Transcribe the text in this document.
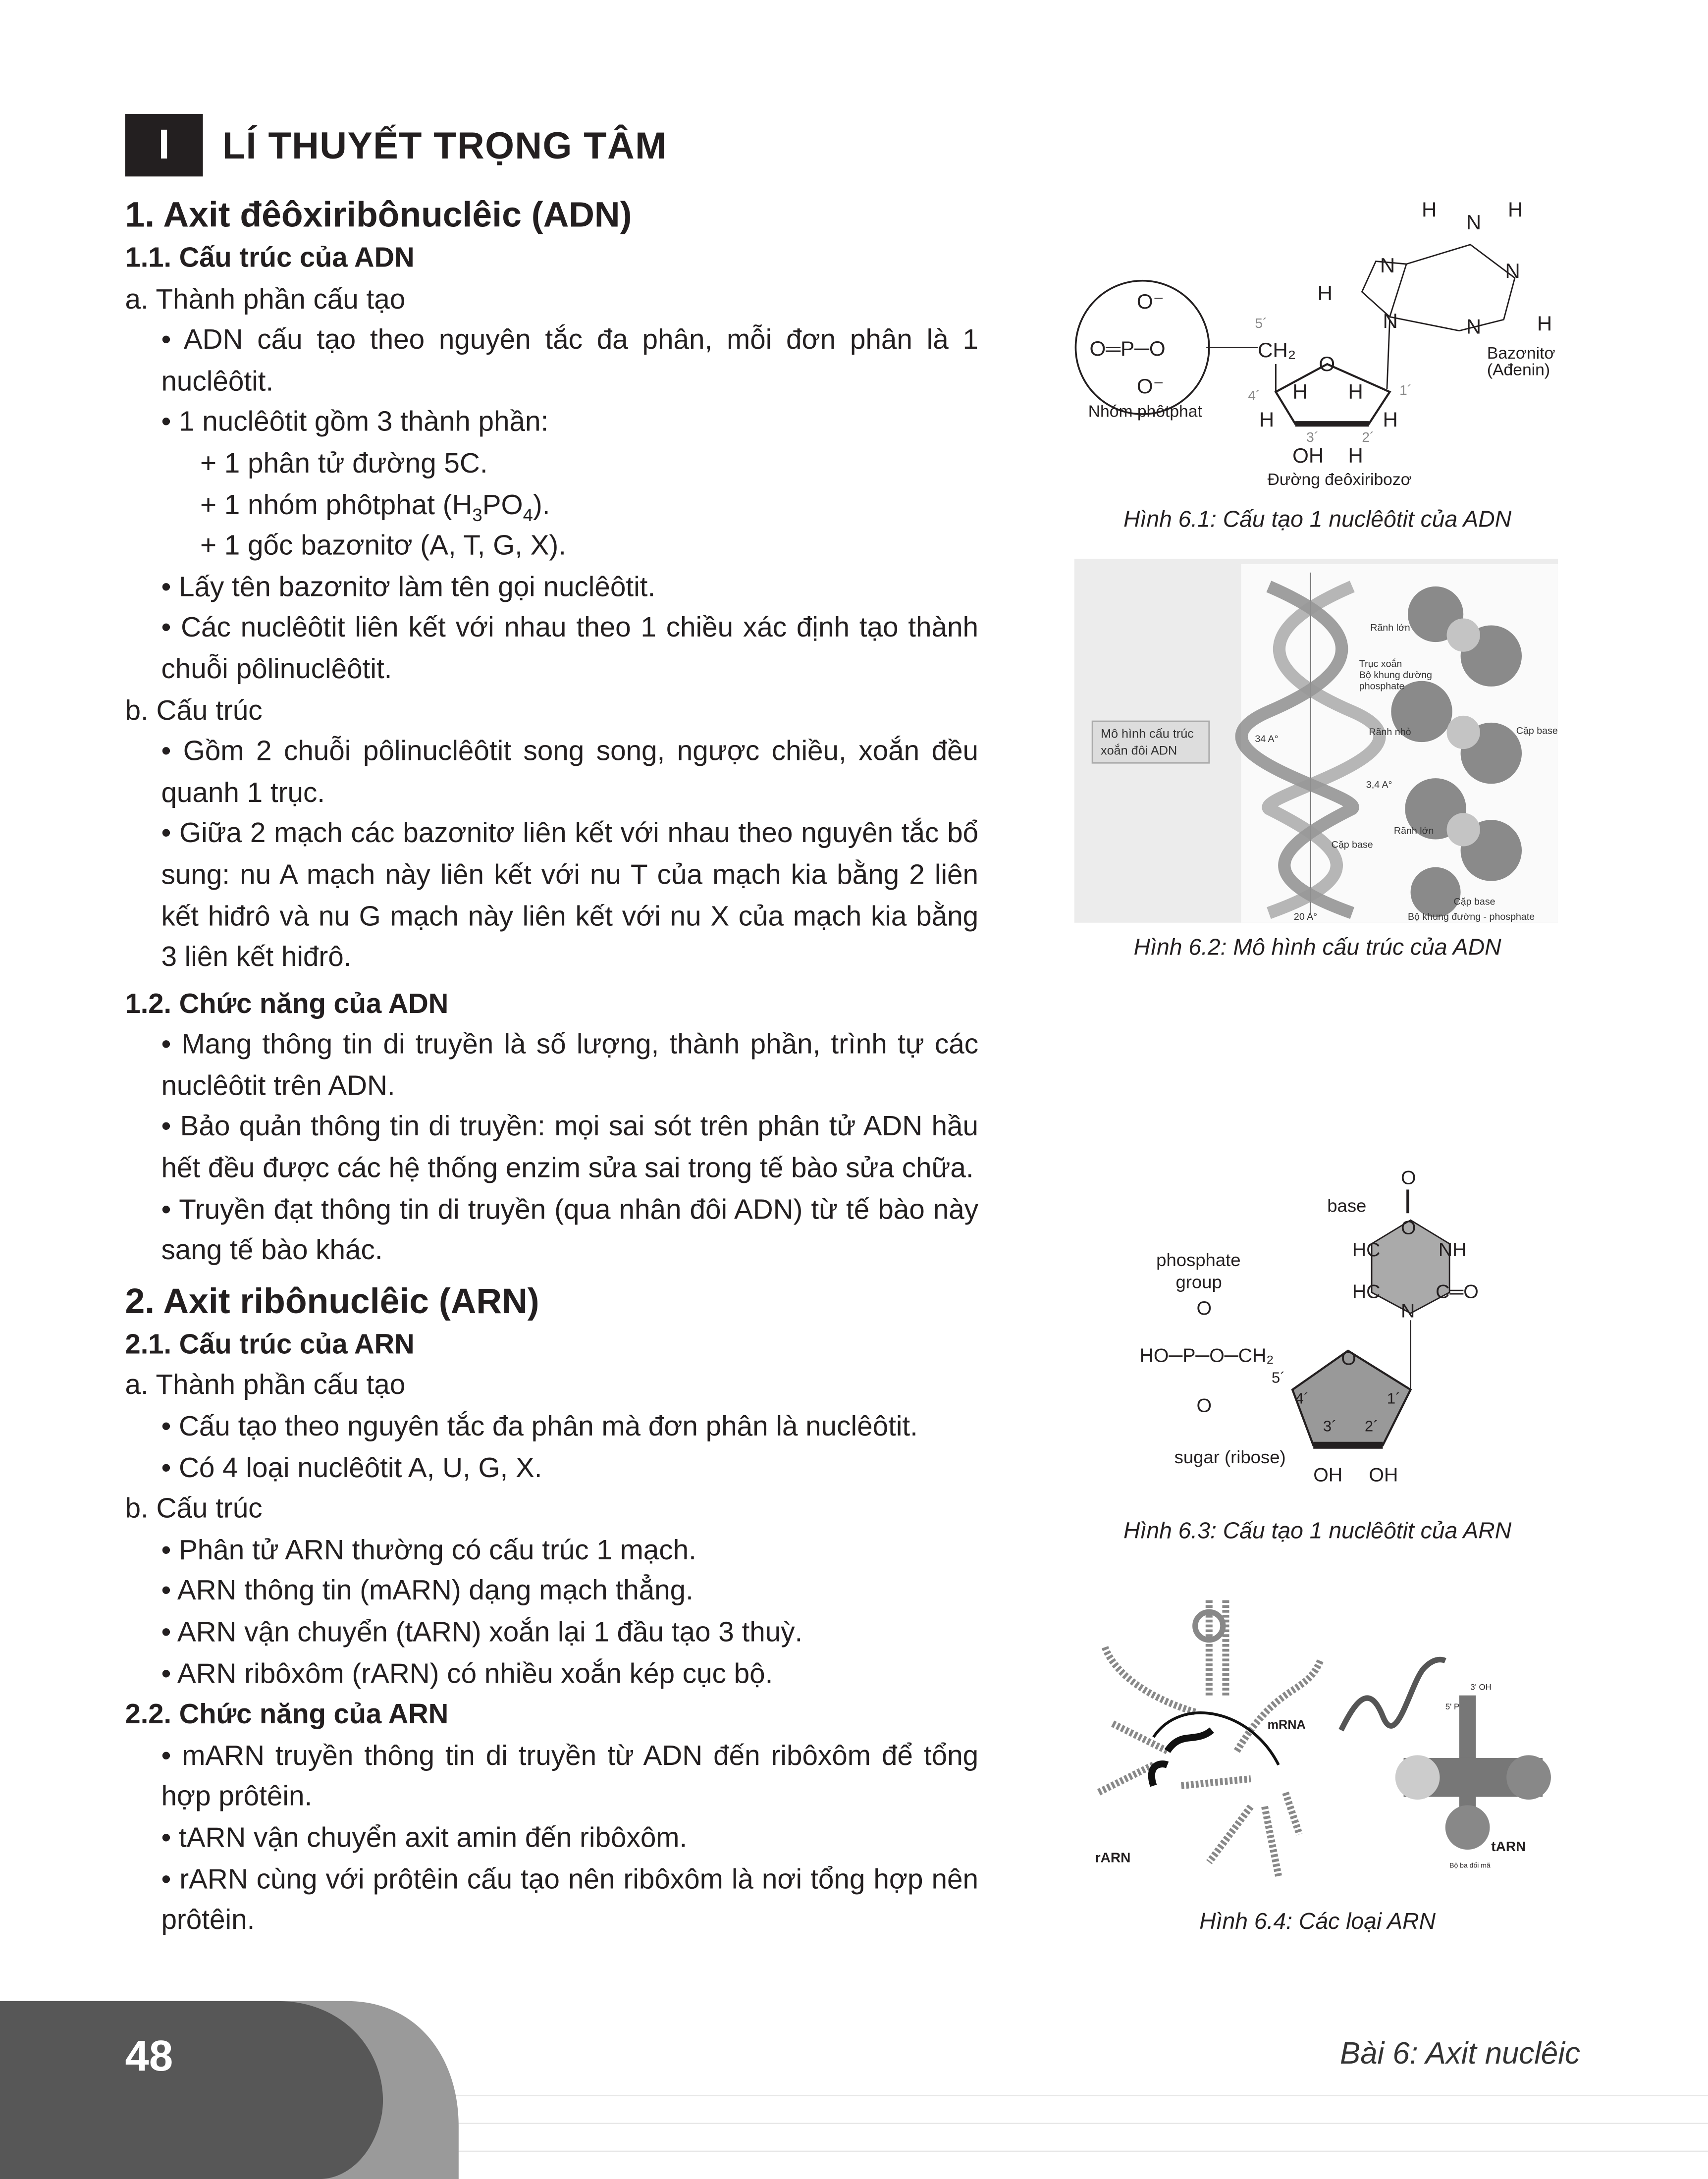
I	LÍ THUYẾT TRỌNG TÂM
1. Axit đêôxiribônuclêic (ADN)
1.1. Cấu trúc của ADN
a. Thành phần cấu tạo
• ADN cấu tạo theo nguyên tắc đa phân, mỗi đơn phân là 1 nuclêôtit.
• 1 nuclêôtit gồm 3 thành phần:
+ 1 phân tử đường 5C.
+ 1 nhóm phôtphat $(H_3PO_4)$.
+ 1 gốc bazơnitơ (A, T, G, X).
• Lấy tên bazơnitơ làm tên gọi nuclêôtit.
• Các nuclêôtit liên kết với nhau theo 1 chiều xác định tạo thành chuỗi pôlinuclêôtit.
b. Cấu trúc
• Gồm 2 chuỗi pôlinuclêôtit song song, ngược chiều, xoắn đều quanh 1 trục.
• Giữa 2 mạch các bazơnitơ liên kết với nhau theo nguyên tắc bổ sung: nu A mạch này liên kết với nu T của mạch kia bằng 2 liên kết hiđrô và nu G mạch này liên kết với nu X của mạch kia bằng 3 liên kết hiđrô.
1.2. Chức năng của ADN
• Mang thông tin di truyền là số lượng, thành phần, trình tự các nuclêôtit trên ADN.
• Bảo quản thông tin di truyền: mọi sai sót trên phân tử ADN hầu hết đều được các hệ thống enzim sửa sai trong tế bào sửa chữa.
• Truyền đạt thông tin di truyền (qua nhân đôi ADN) từ tế bào này sang tế bào khác.
2. Axit ribônuclêic (ARN)
2.1. Cấu trúc của ARN
a. Thành phần cấu tạo
• Cấu tạo theo nguyên tắc đa phân mà đơn phân là nuclêôtit.
• Có 4 loại nuclêôtit A, U, G, X.
b. Cấu trúc
• Phân tử ARN thường có cấu trúc 1 mạch.
• ARN thông tin (mARN) dạng mạch thẳng.
• ARN vận chuyển (tARN) xoắn lại 1 đầu tạo 3 thuỳ.
• ARN ribôxôm (rARN) có nhiều xoắn kép cục bộ.
2.2. Chức năng của ARN
• mARN truyền thông tin di truyền từ ADN đến ribôxôm để tổng hợp prôtêin.
• tARN vận chuyển axit amin đến ribôxôm.
• rARN cùng với prôtêin cấu tạo nên ribôxôm là nơi tổng hợp nên prôtêin.
O⁻
O═P─O
O⁻
Nhóm phôtphat
5´
CH₂
O
4´	1´
3´	2´
H	H
H	H
OH	H
Đường đeôxiribozơ
N
N
N
N
H
H
H
N
H
Bazơnitơ
(Ađenin)
Hình 6.1: Cấu tạo 1 nuclêôtit của ADN
Mô hình cấu trúc
xoắn đôi ADN
Trục xoắn
Bộ khung đường
phosphate
Rãnh lớn
Rãnh nhỏ
Rãnh lớn
Cặp base
Cặp base
34 A°
3,4 A°
20 A°
Cặp base
Bộ khung đường - phosphate
Hình 6.2: Mô hình cấu trúc của ADN
base
O
O
HC	NH
HC
N
C═O
phosphate
group
O
HO─P─O─CH₂
O
O
5´
4´	1´
3´	2´
sugar (ribose)
OH	OH
Hình 6.3: Cấu tạo 1 nuclêôtit của ARN
rARN
mRNA
3' OH
5' P
tARN
Bộ ba đối mã
Hình 6.4: Các loại ARN
48	Bài 6: Axit nuclêic
